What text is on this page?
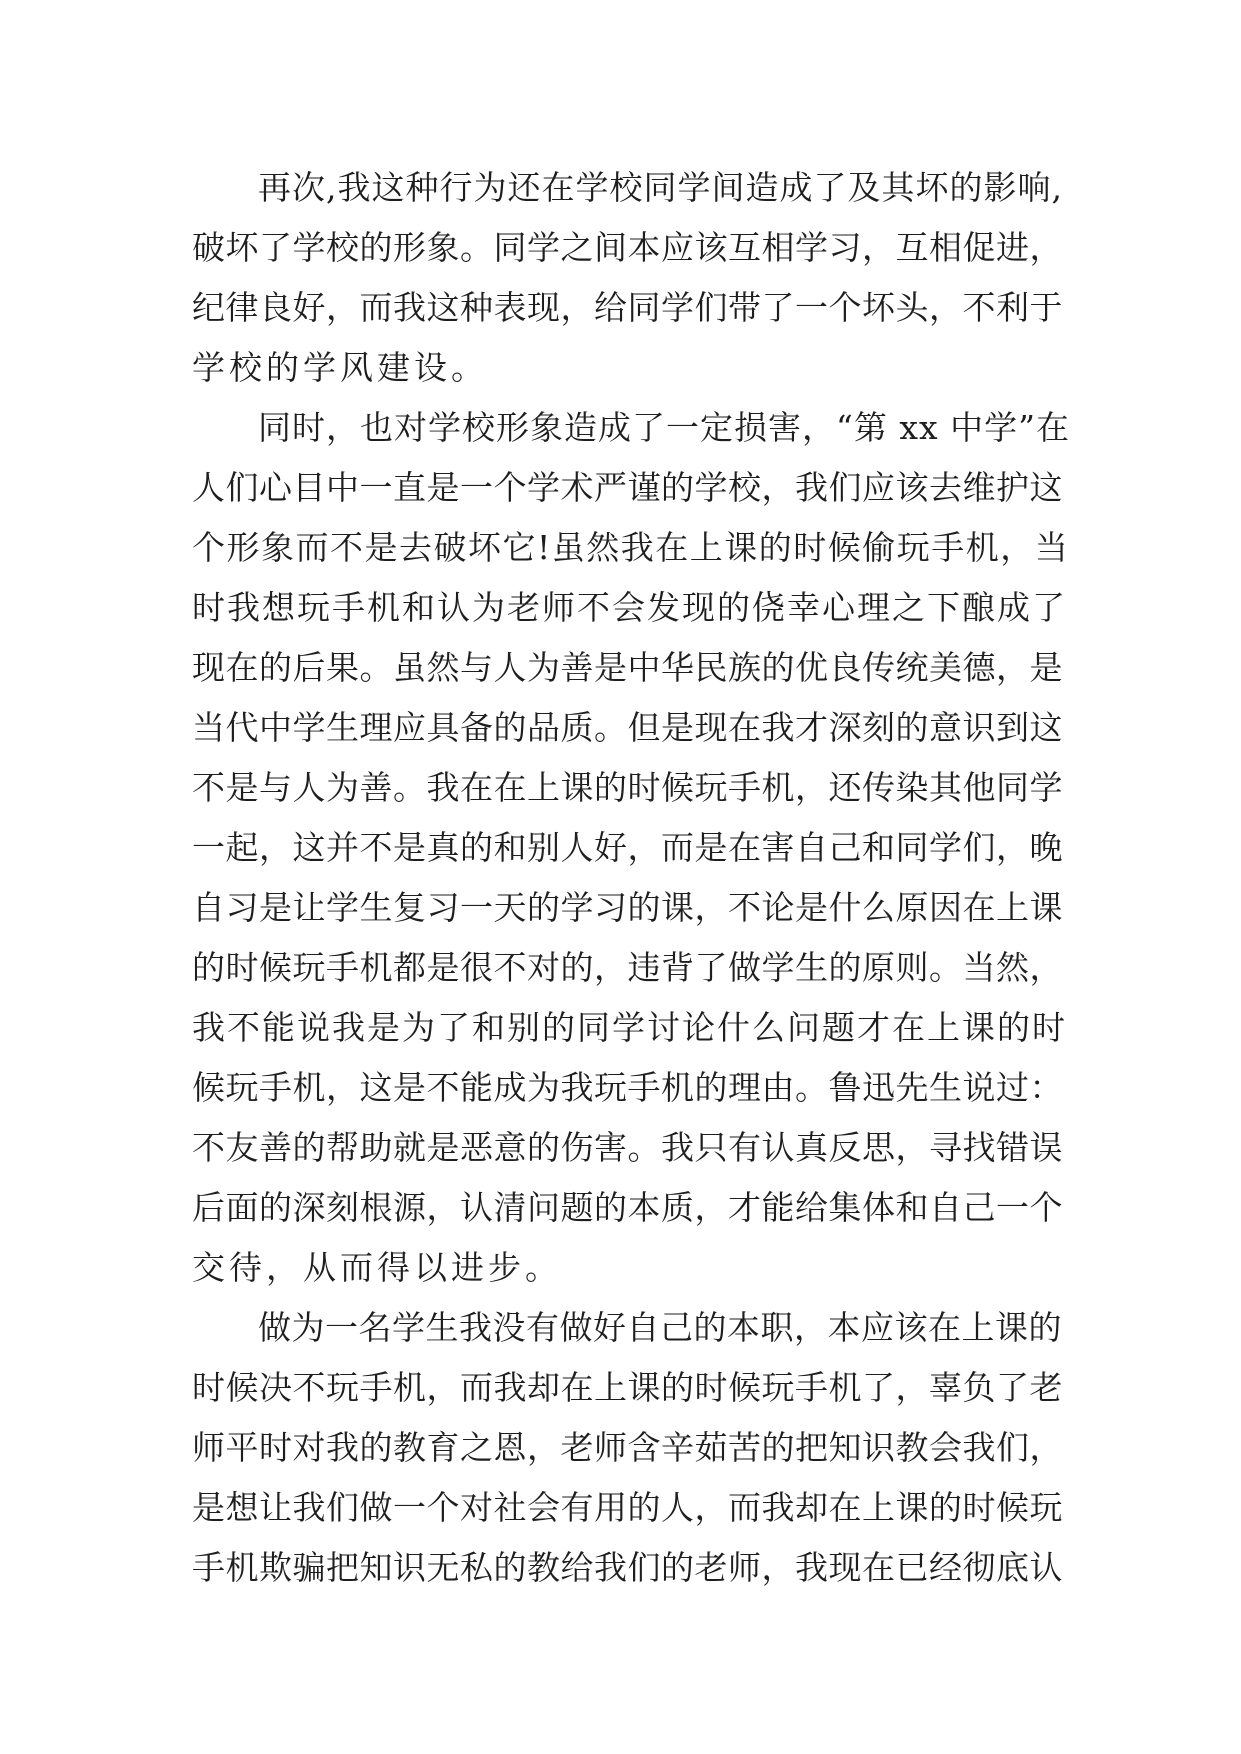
再次,我这种行为还在学校同学间造成了及其坏的影响,
破坏了学校的形象。同学之间本应该互相学习，互相促进，
纪律良好，而我这种表现，给同学们带了一个坏头，不利于
学校的学风建设。
同时，也对学校形象造成了一定损害，“第 xx 中学”在
人们心目中一直是一个学术严谨的学校，我们应该去维护这
个形象而不是去破坏它!虽然我在上课的时候偷玩手机，当
时我想玩手机和认为老师不会发现的侥幸心理之下酿成了
现在的后果。虽然与人为善是中华民族的优良传统美德，是
当代中学生理应具备的品质。但是现在我才深刻的意识到这
不是与人为善。我在在上课的时候玩手机，还传染其他同学
一起，这并不是真的和别人好，而是在害自己和同学们，晚
自习是让学生复习一天的学习的课，不论是什么原因在上课
的时候玩手机都是很不对的，违背了做学生的原则。当然，
我不能说我是为了和别的同学讨论什么问题才在上课的时
候玩手机，这是不能成为我玩手机的理由。鲁迅先生说过：
不友善的帮助就是恶意的伤害。我只有认真反思，寻找错误
后面的深刻根源，认清问题的本质，才能给集体和自己一个
交待，从而得以进步。
做为一名学生我没有做好自己的本职，本应该在上课的
时候决不玩手机，而我却在上课的时候玩手机了，辜负了老
师平时对我的教育之恩，老师含辛茹苦的把知识教会我们，
是想让我们做一个对社会有用的人，而我却在上课的时候玩
手机欺骗把知识无私的教给我们的老师，我现在已经彻底认
